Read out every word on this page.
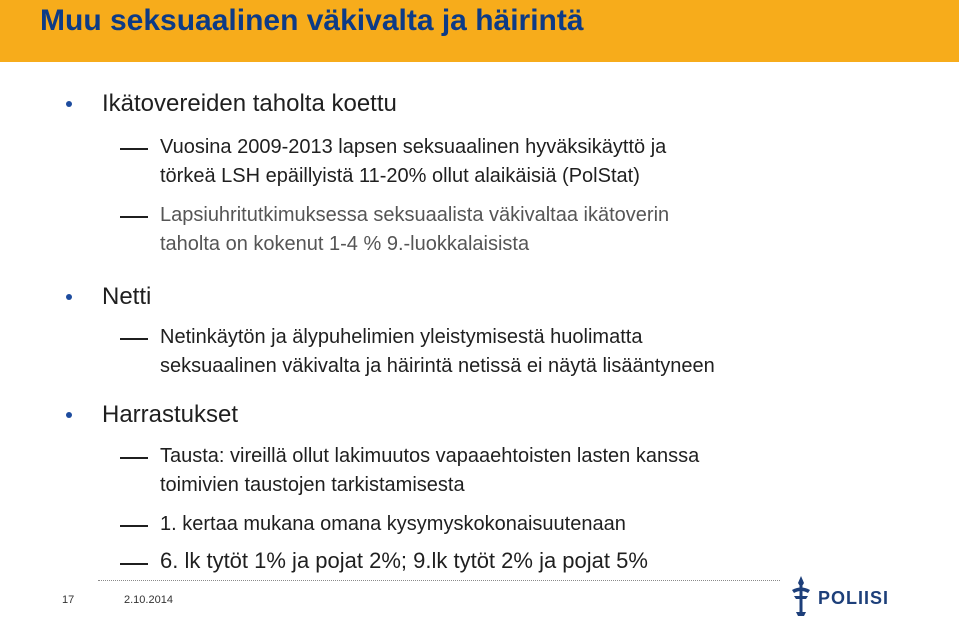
Muu seksuaalinen väkivalta ja häirintä
Ikätovereiden taholta koettu
Vuosina 2009-2013 lapsen seksuaalinen hyväksikäyttö ja
törkeä LSH epäillyistä 11-20% ollut alaikäisiä (PolStat)
Lapsiuhritutkimuksessa seksuaalista väkivaltaa ikätoverin
taholta on kokenut 1-4 % 9.-luokkalaisista
Netti
Netinkäytön ja älypuhelimien yleistymisestä huolimatta
seksuaalinen väkivalta ja häirintä netissä ei näytä lisääntyneen
Harrastukset
Tausta: vireillä ollut lakimuutos vapaaehtoisten lasten kanssa
toimivien taustojen tarkistamisesta
1. kertaa mukana omana kysymyskokonaisuutenaan
6. lk tytöt 1% ja pojat 2%; 9.lk tytöt 2% ja pojat 5%
17	2.10.2014	POLIISI
